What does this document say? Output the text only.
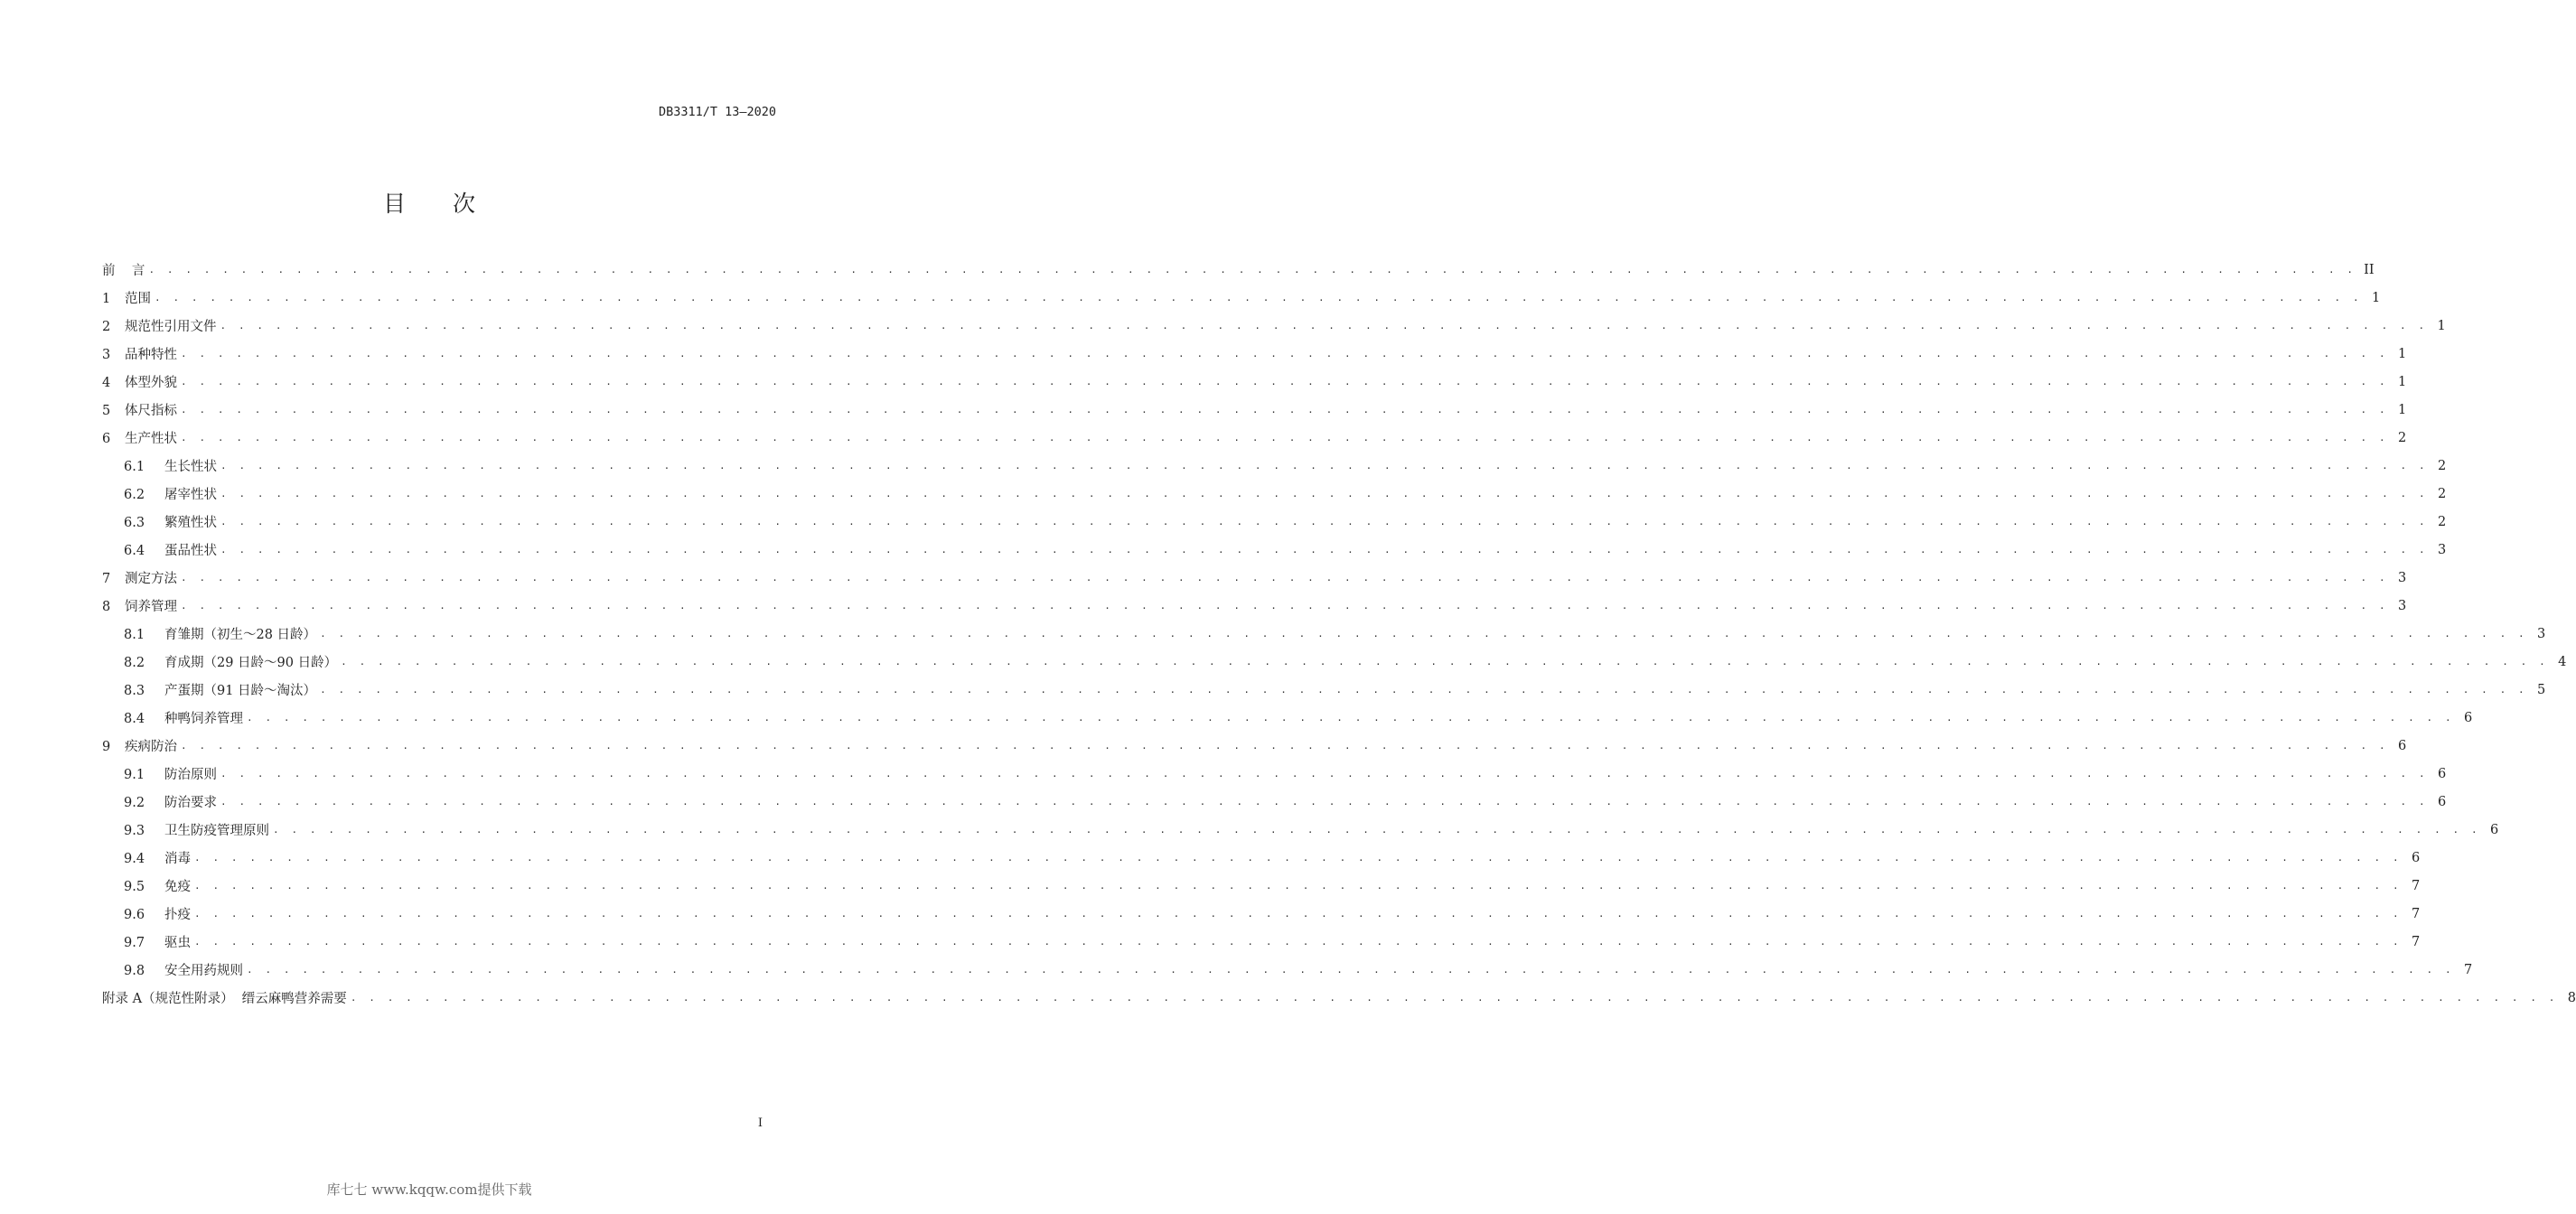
DB3311/T 13—2020
目 次
前    言 . . . . . . . . . . . . . . . . . . . . . . . . . . . . . . . . . . . . . . . . . . . . . . . . . . . . . . . . . . . . . . . . . . . . . . . . . . . . . . . . . . . . . . . . . . . . . . . . . . . . . . . . . . . . . . . . . . . . . . . . II
1 范围 . . . . . . . . . . . . . . . . . . . . . . . . . . . . . . . . . . . . . . . . . . . . . . . . . . . . . . . . . . . . . . . . . . . . . . . . . . . . . . . . . . . . . . . . . . . . . . . . . . . . . . . . . . . . . . . . . . . . . . . . 1
2 规范性引用文件 . . . . . . . . . . . . . . . . . . . . . . . . . . . . . . . . . . . . . . . . . . . . . . . . . . . . . . . . . . . . . . . . . . . . . . . . . . . . . . . . . . . . . . . . . . . . . . . . . . . . . . . . . . . . . . . . . . . . . . . . 1
3 品种特性 . . . . . . . . . . . . . . . . . . . . . . . . . . . . . . . . . . . . . . . . . . . . . . . . . . . . . . . . . . . . . . . . . . . . . . . . . . . . . . . . . . . . . . . . . . . . . . . . . . . . . . . . . . . . . . . . . . . . . . . . 1
4 体型外貌 . . . . . . . . . . . . . . . . . . . . . . . . . . . . . . . . . . . . . . . . . . . . . . . . . . . . . . . . . . . . . . . . . . . . . . . . . . . . . . . . . . . . . . . . . . . . . . . . . . . . . . . . . . . . . . . . . . . . . . . . 1
5 体尺指标 . . . . . . . . . . . . . . . . . . . . . . . . . . . . . . . . . . . . . . . . . . . . . . . . . . . . . . . . . . . . . . . . . . . . . . . . . . . . . . . . . . . . . . . . . . . . . . . . . . . . . . . . . . . . . . . . . . . . . . . . 1
6 生产性状 . . . . . . . . . . . . . . . . . . . . . . . . . . . . . . . . . . . . . . . . . . . . . . . . . . . . . . . . . . . . . . . . . . . . . . . . . . . . . . . . . . . . . . . . . . . . . . . . . . . . . . . . . . . . . . . . . . . . . . . . 2
6.1 生长性状 . . . . . . . . . . . . . . . . . . . . . . . . . . . . . . . . . . . . . . . . . . . . . . . . . . . . . . . . . . . . . . . . . . . . . . . . . . . . . . . . . . . . . . . . . . . . . . . . . . . . . . . . . . . . . . . . . . . . . . . . 2
6.2 屠宰性状 . . . . . . . . . . . . . . . . . . . . . . . . . . . . . . . . . . . . . . . . . . . . . . . . . . . . . . . . . . . . . . . . . . . . . . . . . . . . . . . . . . . . . . . . . . . . . . . . . . . . . . . . . . . . . . . . . . . . . . . . 2
6.3 繁殖性状 . . . . . . . . . . . . . . . . . . . . . . . . . . . . . . . . . . . . . . . . . . . . . . . . . . . . . . . . . . . . . . . . . . . . . . . . . . . . . . . . . . . . . . . . . . . . . . . . . . . . . . . . . . . . . . . . . . . . . . . . 2
6.4 蛋品性状 . . . . . . . . . . . . . . . . . . . . . . . . . . . . . . . . . . . . . . . . . . . . . . . . . . . . . . . . . . . . . . . . . . . . . . . . . . . . . . . . . . . . . . . . . . . . . . . . . . . . . . . . . . . . . . . . . . . . . . . . 3
7 测定方法 . . . . . . . . . . . . . . . . . . . . . . . . . . . . . . . . . . . . . . . . . . . . . . . . . . . . . . . . . . . . . . . . . . . . . . . . . . . . . . . . . . . . . . . . . . . . . . . . . . . . . . . . . . . . . . . . . . . . . . . . 3
8 饲养管理 . . . . . . . . . . . . . . . . . . . . . . . . . . . . . . . . . . . . . . . . . . . . . . . . . . . . . . . . . . . . . . . . . . . . . . . . . . . . . . . . . . . . . . . . . . . . . . . . . . . . . . . . . . . . . . . . . . . . . . . . 3
8.1 育雏期（初生～28 日龄） . . . . . . . . . . . . . . . . . . . . . . . . . . . . . . . . . . . . . . . . . . . . . . . . . . . . . . . . . . . . . . . . . . . . . . . . . . . . . . . . . . . . . . . . . . . . . . . . . . . . . . . . . . . . . . . . . . . . . . . . 3
8.2 育成期（29 日龄～90 日龄） . . . . . . . . . . . . . . . . . . . . . . . . . . . . . . . . . . . . . . . . . . . . . . . . . . . . . . . . . . . . . . . . . . . . . . . . . . . . . . . . . . . . . . . . . . . . . . . . . . . . . . . . . . . . . . . . . . . . . . . . 4
8.3 产蛋期（91 日龄～淘汰） . . . . . . . . . . . . . . . . . . . . . . . . . . . . . . . . . . . . . . . . . . . . . . . . . . . . . . . . . . . . . . . . . . . . . . . . . . . . . . . . . . . . . . . . . . . . . . . . . . . . . . . . . . . . . . . . . . . . . . . . 5
8.4 种鸭饲养管理 . . . . . . . . . . . . . . . . . . . . . . . . . . . . . . . . . . . . . . . . . . . . . . . . . . . . . . . . . . . . . . . . . . . . . . . . . . . . . . . . . . . . . . . . . . . . . . . . . . . . . . . . . . . . . . . . . . . . . . . . 6
9 疾病防治 . . . . . . . . . . . . . . . . . . . . . . . . . . . . . . . . . . . . . . . . . . . . . . . . . . . . . . . . . . . . . . . . . . . . . . . . . . . . . . . . . . . . . . . . . . . . . . . . . . . . . . . . . . . . . . . . . . . . . . . . 6
9.1 防治原则 . . . . . . . . . . . . . . . . . . . . . . . . . . . . . . . . . . . . . . . . . . . . . . . . . . . . . . . . . . . . . . . . . . . . . . . . . . . . . . . . . . . . . . . . . . . . . . . . . . . . . . . . . . . . . . . . . . . . . . . . 6
9.2 防治要求 . . . . . . . . . . . . . . . . . . . . . . . . . . . . . . . . . . . . . . . . . . . . . . . . . . . . . . . . . . . . . . . . . . . . . . . . . . . . . . . . . . . . . . . . . . . . . . . . . . . . . . . . . . . . . . . . . . . . . . . . 6
9.3 卫生防疫管理原则 . . . . . . . . . . . . . . . . . . . . . . . . . . . . . . . . . . . . . . . . . . . . . . . . . . . . . . . . . . . . . . . . . . . . . . . . . . . . . . . . . . . . . . . . . . . . . . . . . . . . . . . . . . . . . . . . . . . . . . . . 6
9.4 消毒 . . . . . . . . . . . . . . . . . . . . . . . . . . . . . . . . . . . . . . . . . . . . . . . . . . . . . . . . . . . . . . . . . . . . . . . . . . . . . . . . . . . . . . . . . . . . . . . . . . . . . . . . . . . . . . . . . . . . . . . . 6
9.5 免疫 . . . . . . . . . . . . . . . . . . . . . . . . . . . . . . . . . . . . . . . . . . . . . . . . . . . . . . . . . . . . . . . . . . . . . . . . . . . . . . . . . . . . . . . . . . . . . . . . . . . . . . . . . . . . . . . . . . . . . . . . 7
9.6 扑疫 . . . . . . . . . . . . . . . . . . . . . . . . . . . . . . . . . . . . . . . . . . . . . . . . . . . . . . . . . . . . . . . . . . . . . . . . . . . . . . . . . . . . . . . . . . . . . . . . . . . . . . . . . . . . . . . . . . . . . . . . 7
9.7 驱虫 . . . . . . . . . . . . . . . . . . . . . . . . . . . . . . . . . . . . . . . . . . . . . . . . . . . . . . . . . . . . . . . . . . . . . . . . . . . . . . . . . . . . . . . . . . . . . . . . . . . . . . . . . . . . . . . . . . . . . . . . 7
9.8 安全用药规则 . . . . . . . . . . . . . . . . . . . . . . . . . . . . . . . . . . . . . . . . . . . . . . . . . . . . . . . . . . . . . . . . . . . . . . . . . . . . . . . . . . . . . . . . . . . . . . . . . . . . . . . . . . . . . . . . . . . . . . . . 7
附录 A（规范性附录）  缙云麻鸭营养需要 . . . . . . . . . . . . . . . . . . . . . . . . . . . . . . . . . . . . . . . . . . . . . . . . . . . . . . . . . . . . . . . . . . . . . . . . . . . . . . . . . . . . . . . . . . . . . . . . . . . . . . . . . . . . . . . . . . . . . . . . 8
I
库七七 www.kqqw.com提供下载
